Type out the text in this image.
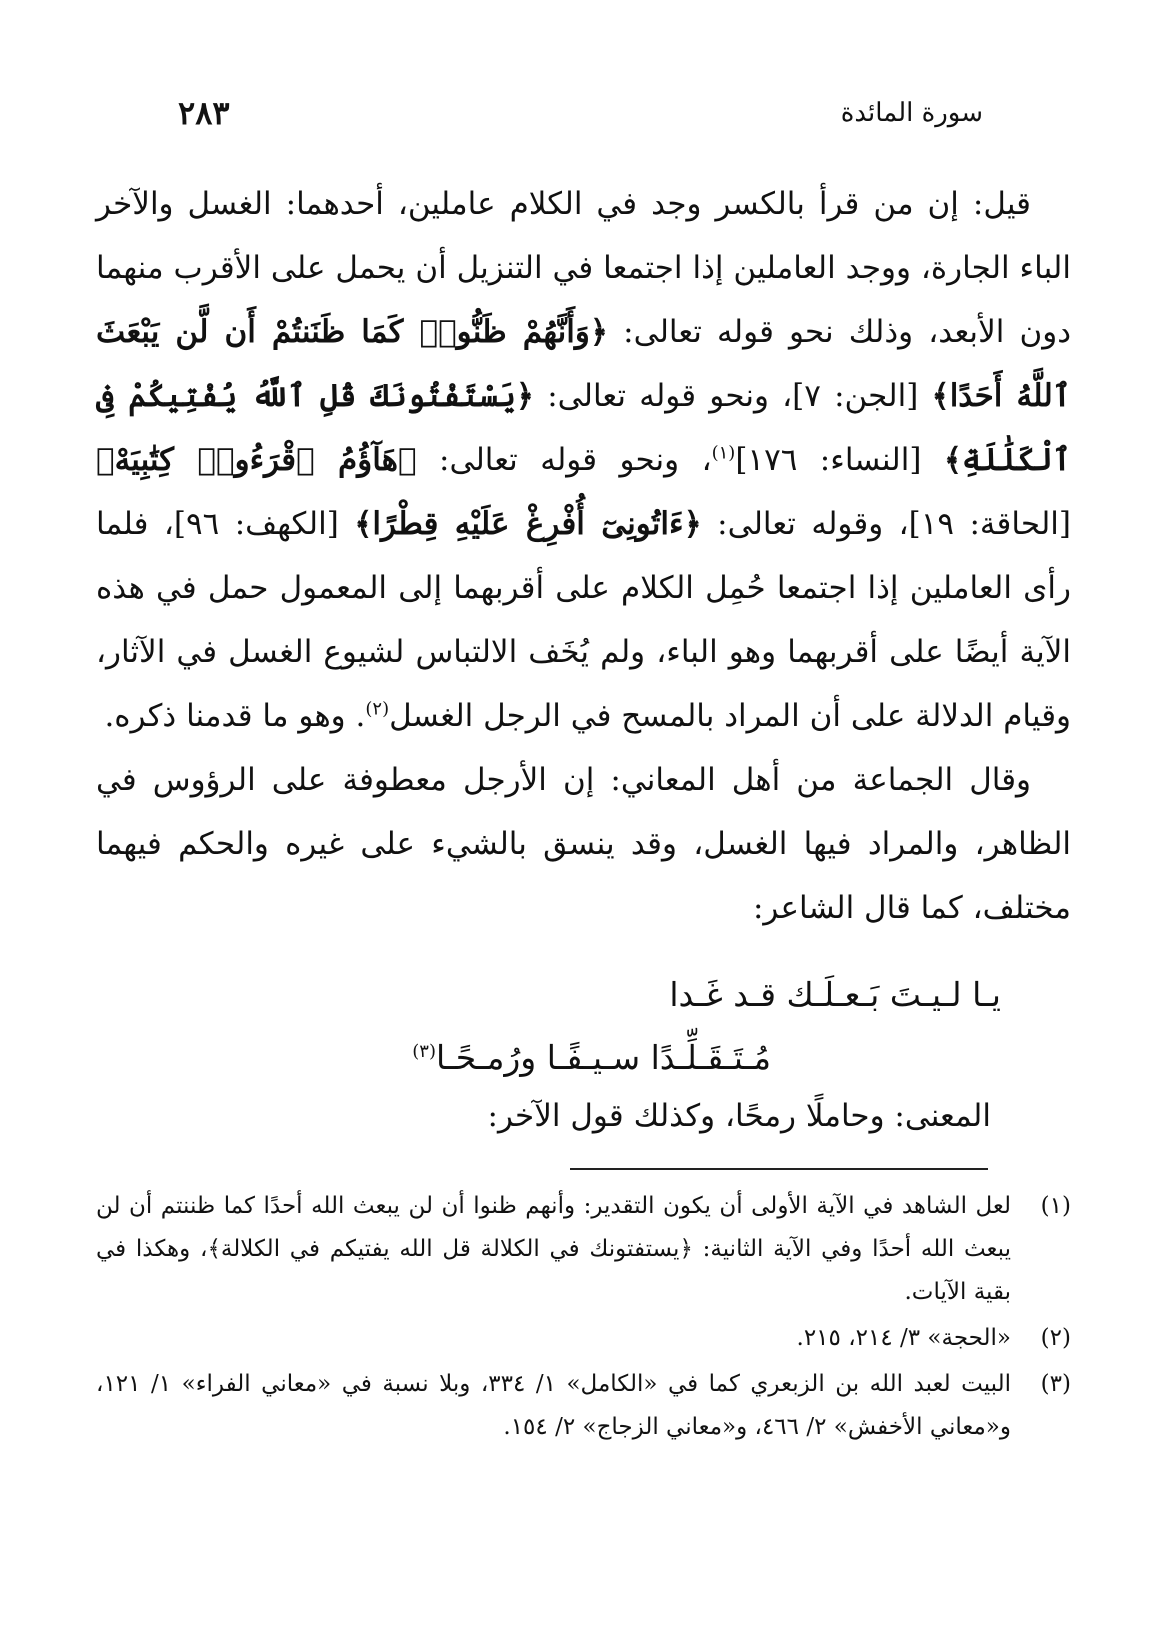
سورة المائدة
٢٨٣

قيل: إن من قرأ بالكسر وجد في الكلام عاملين، أحدهما: الغسل والآخر الباء الجارة، ووجد العاملين إذا اجتمعا في التنزيل أن يحمل على الأقرب منهما دون الأبعد، وذلك نحو قوله تعالى: ﴿وَأَنَّهُمْ ظَنُّوا۟ كَمَا ظَنَنتُمْ أَن لَّن يَبْعَثَ ٱللَّهُ أَحَدًا﴾ [الجن: ٧]، ونحو قوله تعالى: ﴿يَسْتَفْتُونَكَ قُلِ ٱللَّهُ يُفْتِيكُمْ فِى ٱلْكَلَٰلَةِ﴾ [النساء: ١٧٦]$^{(١)}$، ونحو قوله تعالى: ﴿هَآؤُمُ ٱقْرَءُوا۟ كِتَٰبِيَهْ﴾ [الحاقة: ١٩]، وقوله تعالى: ﴿ءَاتُونِىٓ أُفْرِغْ عَلَيْهِ قِطْرًا﴾ [الكهف: ٩٦]، فلما رأى العاملين إذا اجتمعا حُمِل الكلام على أقربهما إلى المعمول حمل في هذه الآية أيضًا على أقربهما وهو الباء، ولم يُخَف الالتباس لشيوع الغسل في الآثار، وقيام الدلالة على أن المراد بالمسح في الرجل الغسل$^{(٢)}$. وهو ما قدمنا ذكره.

وقال الجماعة من أهل المعاني: إن الأرجل معطوفة على الرؤوس في الظاهر، والمراد فيها الغسل، وقد ينسق بالشيء على غيره والحكم فيهما مختلف، كما قال الشاعر:

يـا لـيـتَ بَـعـلَـك قـد غَـدا
مُـتَـقَـلِّـدًا سـيـفًـا ورُمـحًـا$^{(٣)}$
المعنى: وحاملًا رمحًا، وكذلك قول الآخر:
(١)
لعل الشاهد في الآية الأولى أن يكون التقدير: وأنهم ظنوا أن لن يبعث الله أحدًا كما ظننتم أن لن يبعث الله أحدًا وفي الآية الثانية: ﴿يستفتونك في الكلالة قل الله يفتيكم في الكلالة﴾، وهكذا في بقية الآيات.
(٢)
«الحجة» ٣/ ٢١٤، ٢١٥.
(٣)
البيت لعبد الله بن الزبعري كما في «الكامل» ١/ ٣٣٤، وبلا نسبة في «معاني الفراء» ١/ ١٢١، و«معاني الأخفش» ٢/ ٤٦٦، و«معاني الزجاج» ٢/ ١٥٤.
